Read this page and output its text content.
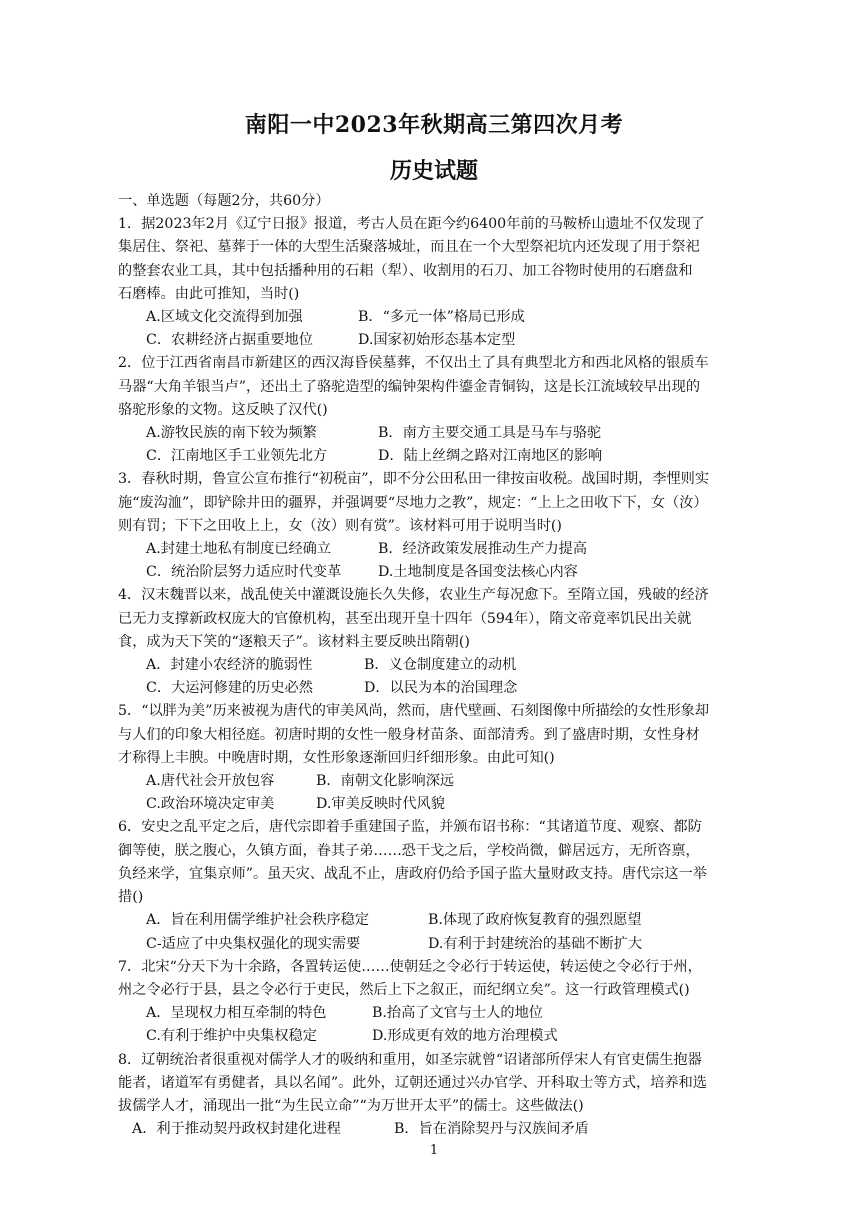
南阳一中2023年秋期高三第四次月考
历史试题
一、单选题（每题2分，共60分）
1．据2023年2月《辽宁日报》报道，考古人员在距今约6400年前的马鞍桥山遗址不仅发现了
集居住、祭祀、墓葬于一体的大型生活聚落城址，而且在一个大型祭祀坑内还发现了用于祭祀
的整套农业工具，其中包括播种用的石耜（犁）、收割用的石刀、加工谷物时使用的石磨盘和
石磨棒。由此可推知，当时()
A.区域文化交流得到加强	B．“多元一体”格局已形成
C．农耕经济占据重要地位	D.国家初始形态基本定型
2．位于江西省南昌市新建区的西汉海昏侯墓葬，不仅出土了具有典型北方和西北风格的银质车
马器“大角羊银当卢”，还出土了骆驼造型的编钟架构件鎏金青铜钩，这是长江流域较早出现的
骆驼形象的文物。这反映了汉代()
A.游牧民族的南下较为频繁	B．南方主要交通工具是马车与骆驼
C．江南地区手工业领先北方	D．陆上丝绸之路对江南地区的影响
3．春秋时期，鲁宣公宣布推行“初税亩”，即不分公田私田一律按亩收税。战国时期，李悝则实
施“废沟洫”，即铲除井田的疆界，并强调要“尽地力之教”，规定：“上上之田收下下，女（汝）
则有罚；下下之田收上上，女（汝）则有赏”。该材料可用于说明当时()
A.封建土地私有制度已经确立	B．经济政策发展推动生产力提高
C．统治阶层努力适应时代变革	D.土地制度是各国变法核心内容
4．汉末魏晋以来，战乱使关中灌溉设施长久失修，农业生产每况愈下。至隋立国，残破的经济
已无力支撑新政权庞大的官僚机构，甚至出现开皇十四年（594年），隋文帝竟率饥民出关就
食，成为天下笑的“逐粮天子”。该材料主要反映出隋朝()
A．封建小农经济的脆弱性	B．义仓制度建立的动机
C．大运河修建的历史必然	D．以民为本的治国理念
5．“以胖为美”历来被视为唐代的审美风尚，然而，唐代壁画、石刻图像中所描绘的女性形象却
与人们的印象大相径庭。初唐时期的女性一般身材苗条、面部清秀。到了盛唐时期，女性身材
才称得上丰腴。中晚唐时期，女性形象逐渐回归纤细形象。由此可知()
A.唐代社会开放包容	B．南朝文化影响深远
C.政治环境决定审美	D.审美反映时代风貌
6．安史之乱平定之后，唐代宗即着手重建国子监，并颁布诏书称：“其诸道节度、观察、都防
御等使，朕之腹心，久镇方面，眷其子弟……恐干戈之后，学校尚微，僻居远方，无所咨禀，
负经来学，宜集京师”。虽天灾、战乱不止，唐政府仍给予国子监大量财政支持。唐代宗这一举
措()
A．旨在利用儒学维护社会秩序稳定	B.体现了政府恢复教育的强烈愿望
C-适应了中央集权强化的现实需要	D.有利于封建统治的基础不断扩大
7．北宋“分天下为十余路，各置转运使……使朝廷之令必行于转运使，转运使之令必行于州，
州之令必行于县，县之令必行于吏民，然后上下之叙正，而纪纲立矣”。这一行政管理模式()
A．呈现权力相互牵制的特色	B.抬高了文官与士人的地位
C.有利于维护中央集权稳定	D.形成更有效的地方治理模式
8．辽朝统治者很重视对儒学人才的吸纳和重用，如圣宗就曾“诏诸部所俘宋人有官吏儒生抱器
能者，诸道军有勇健者，具以名闻”。此外，辽朝还通过兴办官学、开科取士等方式，培养和选
拔儒学人才，涌现出一批“为生民立命”“为万世开太平”的儒士。这些做法()
A．利于推动契丹政权封建化进程	B．旨在消除契丹与汉族间矛盾
1
